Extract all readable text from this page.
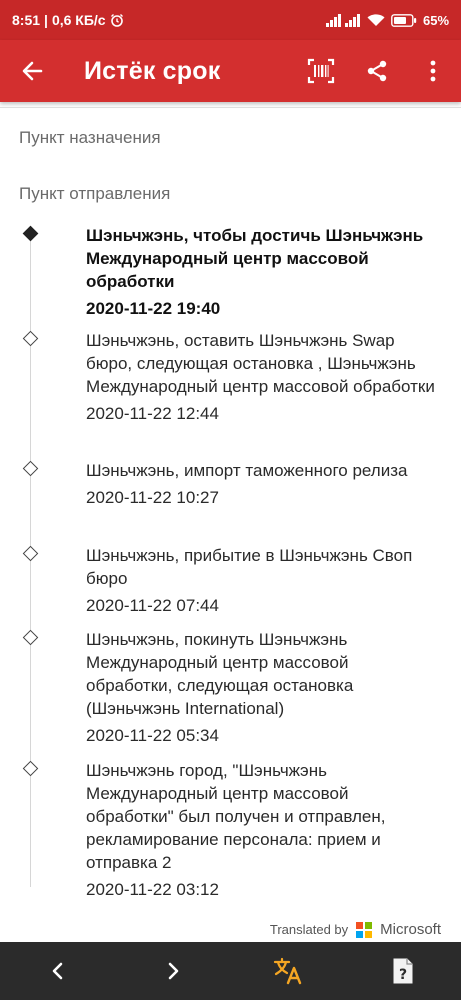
8:51 | 0,6 КБ/с	65%
Истёк срок
Пункт назначения
Пункт отправления
Шэньчжэнь, чтобы достичь Шэньчжэнь Международный центр массовой обработки
2020-11-22 19:40
Шэньчжэнь, оставить Шэньчжэнь Swap бюро, следующая остановка , Шэньчжэнь Международный центр массовой обработки
2020-11-22 12:44
Шэньчжэнь, импорт таможенного релиза
2020-11-22 10:27
Шэньчжэнь, прибытие в Шэньчжэнь Своп бюро
2020-11-22 07:44
Шэньчжэнь, покинуть Шэньчжэнь Международный центр массовой обработки, следующая остановка (Шэньчжэнь International)
2020-11-22 05:34
Шэньчжэнь город, "Шэньчжэнь Международный центр массовой обработки" был получен и отправлен, рекламирование персонала: прием и отправка 2
2020-11-22 03:12
Translated by Microsoft
?
